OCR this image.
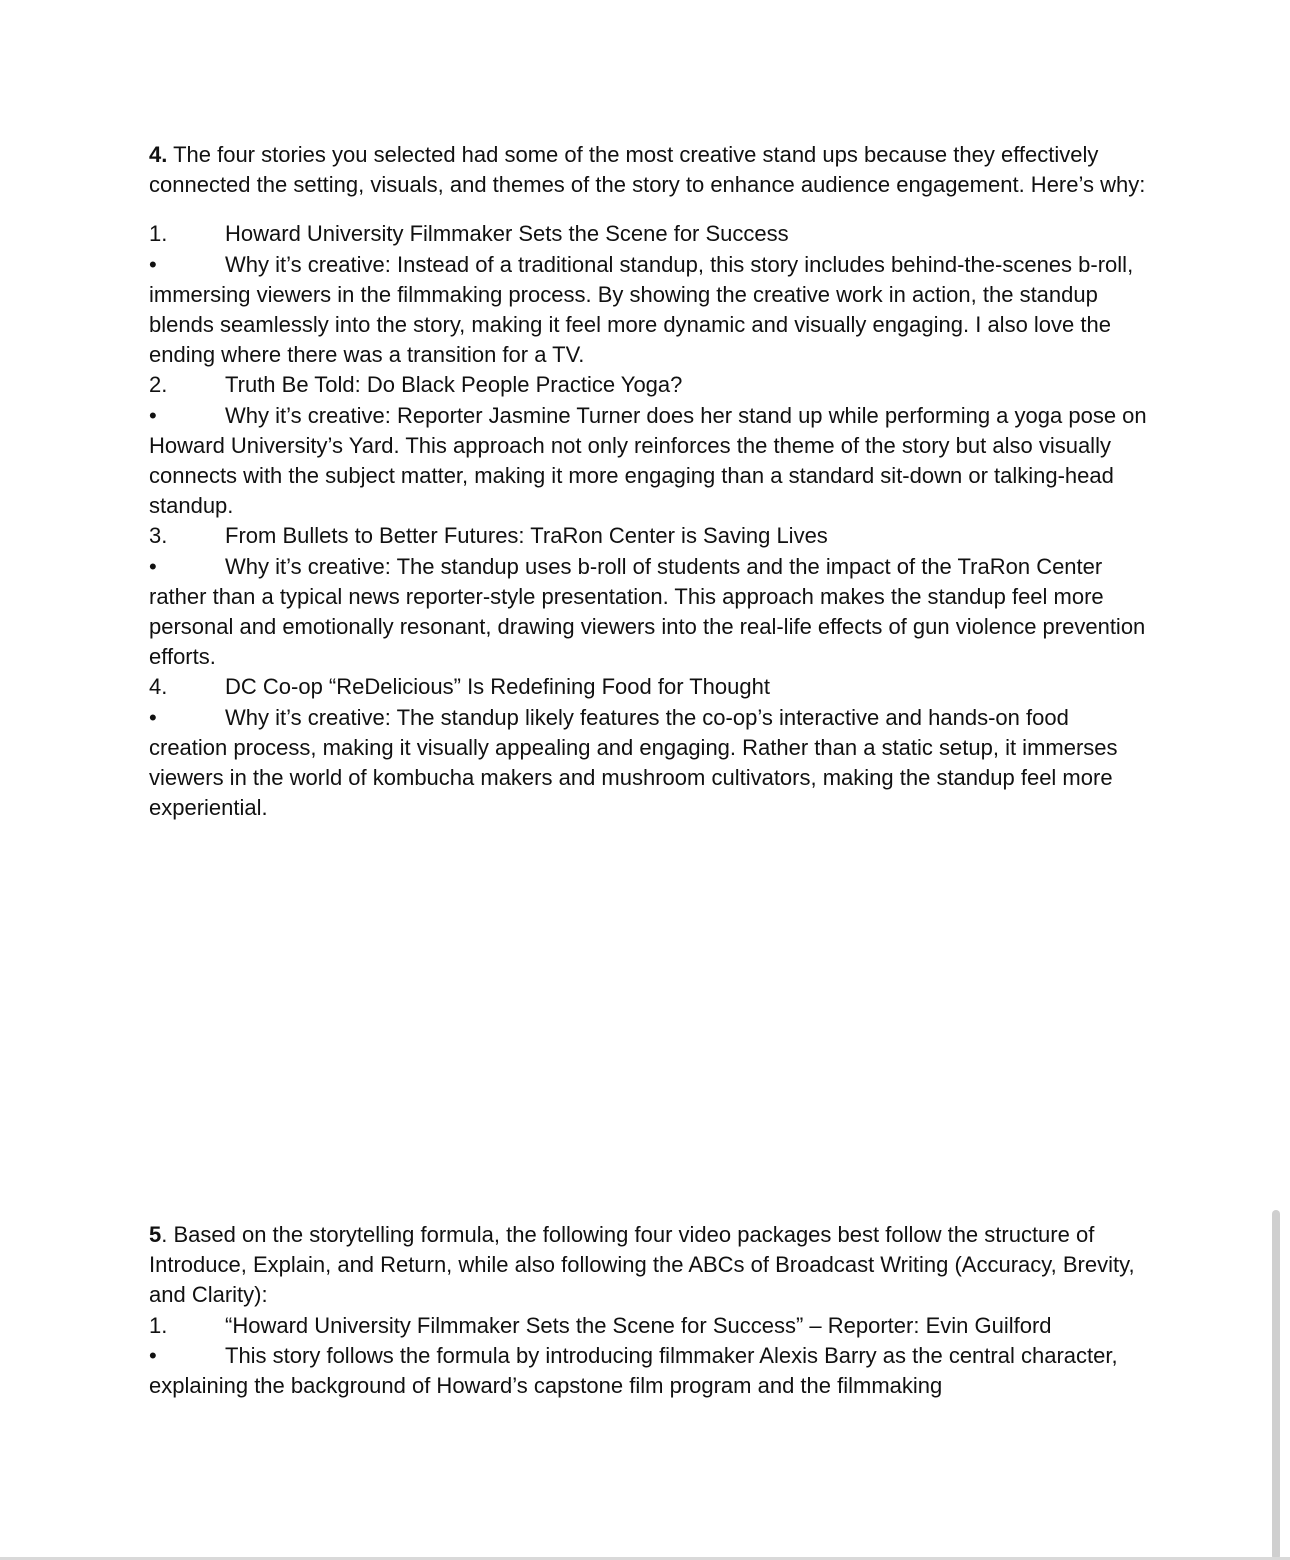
4. The four stories you selected had some of the most creative stand ups because they effectively connected the setting, visuals, and themes of the story to enhance audience engagement. Here’s why:

1.	Howard University Filmmaker Sets the Scene for Success

•	Why it’s creative: Instead of a traditional standup, this story includes behind-the-scenes b-roll, immersing viewers in the filmmaking process. By showing the creative work in action, the standup blends seamlessly into the story, making it feel more dynamic and visually engaging. I also love the ending where there was a transition for a TV.

2.	Truth Be Told: Do Black People Practice Yoga?

•	Why it’s creative: Reporter Jasmine Turner does her stand up while performing a yoga pose on Howard University’s Yard. This approach not only reinforces the theme of the story but also visually connects with the subject matter, making it more engaging than a standard sit-down or talking-head standup.

3.	From Bullets to Better Futures: TraRon Center is Saving Lives

•	Why it’s creative: The standup uses b-roll of students and the impact of the TraRon Center rather than a typical news reporter-style presentation. This approach makes the standup feel more personal and emotionally resonant, drawing viewers into the real-life effects of gun violence prevention efforts.

4.	DC Co-op “ReDelicious” Is Redefining Food for Thought

•	Why it’s creative: The standup likely features the co-op’s interactive and hands-on food creation process, making it visually appealing and engaging. Rather than a static setup, it immerses viewers in the world of kombucha makers and mushroom cultivators, making the standup feel more experiential.

5. Based on the storytelling formula, the following four video packages best follow the structure of Introduce, Explain, and Return, while also following the ABCs of Broadcast Writing (Accuracy, Brevity, and Clarity):

1.	“Howard University Filmmaker Sets the Scene for Success” – Reporter: Evin Guilford

•	This story follows the formula by introducing filmmaker Alexis Barry as the central character, explaining the background of Howard’s capstone film program and the filmmaking
